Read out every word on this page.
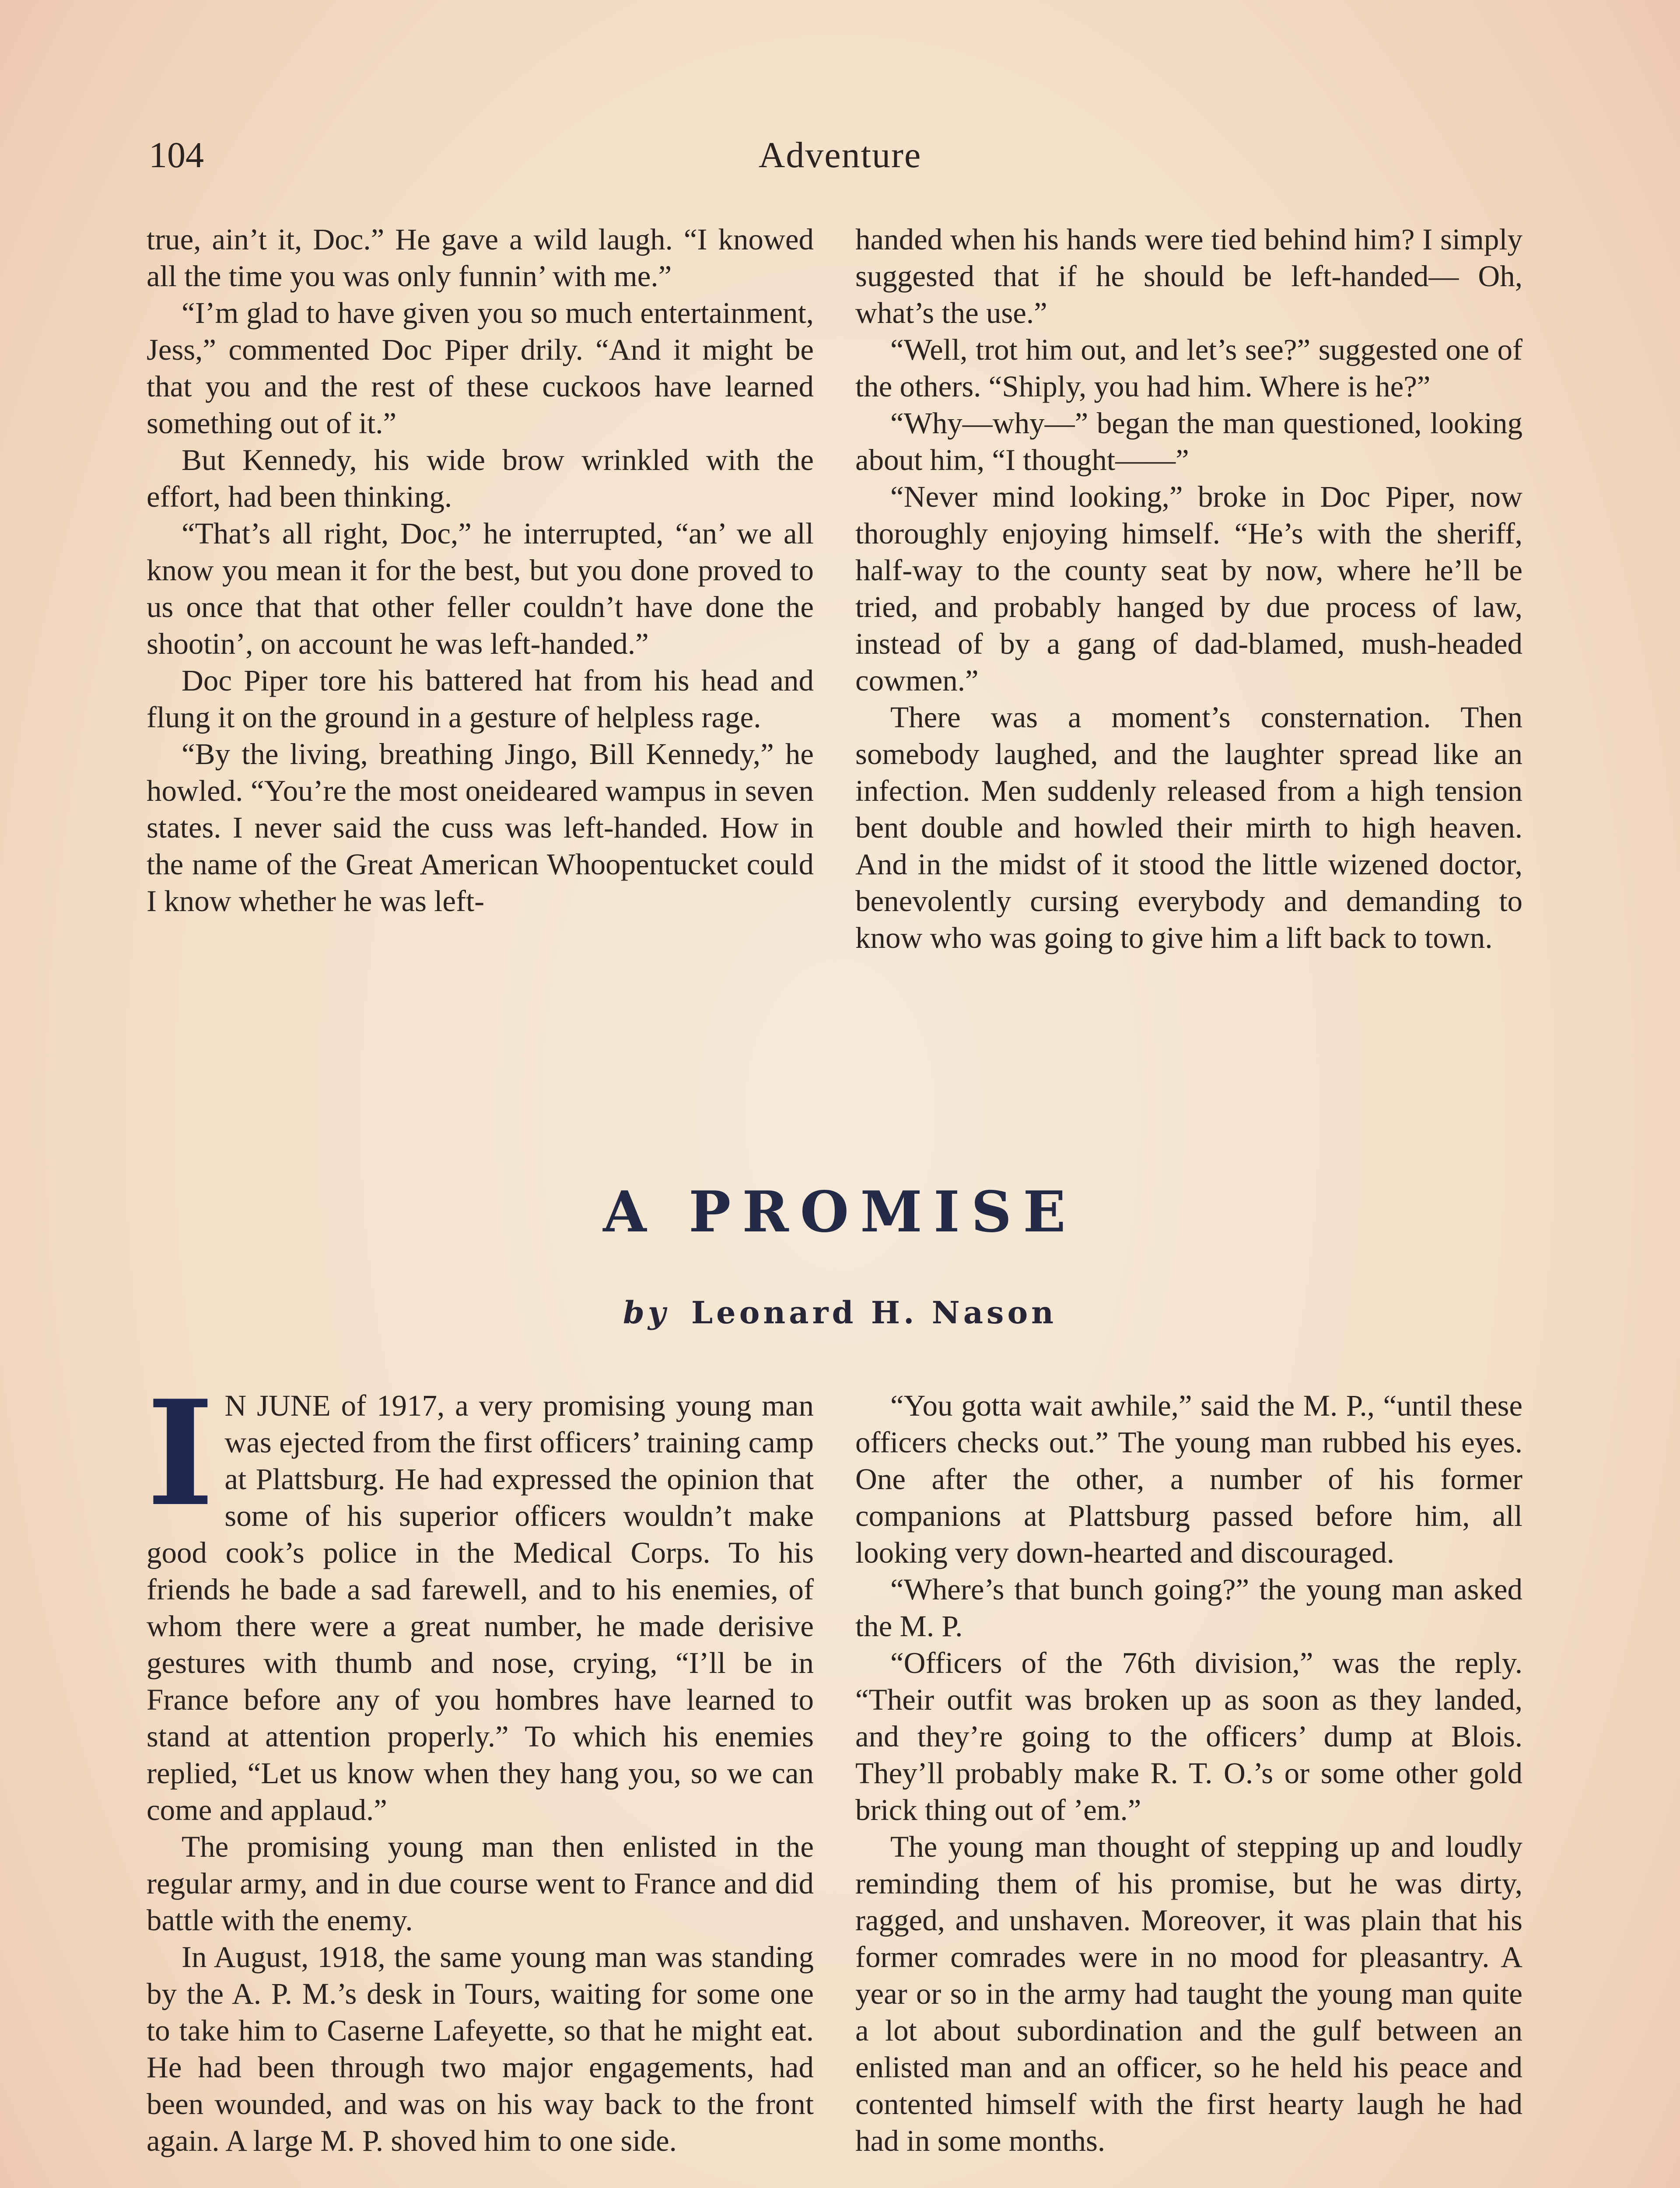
104	Adventure

true, ain’t it, Doc.” He gave a wild laugh. “I knowed all the time you was only funnin’ with me.”

“I’m glad to have given you so much entertainment, Jess,” commented Doc Piper drily. “And it might be that you and the rest of these cuckoos have learned something out of it.”

But Kennedy, his wide brow wrinkled with the effort, had been thinking.

“That’s all right, Doc,” he interrupted, “an’ we all know you mean it for the best, but you done proved to us once that that other feller couldn’t have done the shootin’, on account he was left-handed.”

Doc Piper tore his battered hat from his head and flung it on the ground in a gesture of helpless rage.

“By the living, breathing Jingo, Bill Kennedy,” he howled. “You’re the most oneideared wampus in seven states. I never said the cuss was left-handed. How in the name of the Great American Whoopentucket could I know whether he was left-

handed when his hands were tied behind him? I simply suggested that if he should be left-handed— Oh, what’s the use.”

“Well, trot him out, and let’s see?” suggested one of the others. “Shiply, you had him. Where is he?”

“Why—why—” began the man questioned, looking about him, “I thought——”

“Never mind looking,” broke in Doc Piper, now thoroughly enjoying himself. “He’s with the sheriff, half-way to the county seat by now, where he’ll be tried, and probably hanged by due process of law, instead of by a gang of dad-blamed, mush-headed cowmen.”

There was a moment’s consternation. Then somebody laughed, and the laughter spread like an infection. Men suddenly released from a high tension bent double and howled their mirth to high heaven. And in the midst of it stood the little wizened doctor, benevolently cursing everybody and demanding to know who was going to give him a lift back to town.

A PROMISE
by Leonard H. Nason

I N JUNE of 1917, a very promising young man was ejected from the first officers’ training camp at Plattsburg. He had expressed the opinion that some of his superior officers wouldn’t make good cook’s police in the Medical Corps. To his friends he bade a sad farewell, and to his enemies, of whom there were a great number, he made derisive gestures with thumb and nose, crying, “I’ll be in France before any of you hombres have learned to stand at attention properly.” To which his enemies replied, “Let us know when they hang you, so we can come and applaud.”

The promising young man then enlisted in the regular army, and in due course went to France and did battle with the enemy.

In August, 1918, the same young man was standing by the A. P. M.’s desk in Tours, waiting for some one to take him to Caserne Lafeyette, so that he might eat. He had been through two major engagements, had been wounded, and was on his way back to the front again. A large M. P. shoved him to one side.

“You gotta wait awhile,” said the M. P., “until these officers checks out.” The young man rubbed his eyes. One after the other, a number of his former companions at Plattsburg passed before him, all looking very down-hearted and discouraged.

“Where’s that bunch going?” the young man asked the M. P.

“Officers of the 76th division,” was the reply. “Their outfit was broken up as soon as they landed, and they’re going to the officers’ dump at Blois. They’ll probably make R. T. O.’s or some other gold brick thing out of ’em.”

The young man thought of stepping up and loudly reminding them of his promise, but he was dirty, ragged, and unshaven. Moreover, it was plain that his former comrades were in no mood for pleasantry. A year or so in the army had taught the young man quite a lot about subordination and the gulf between an enlisted man and an officer, so he held his peace and contented himself with the first hearty laugh he had had in some months.
